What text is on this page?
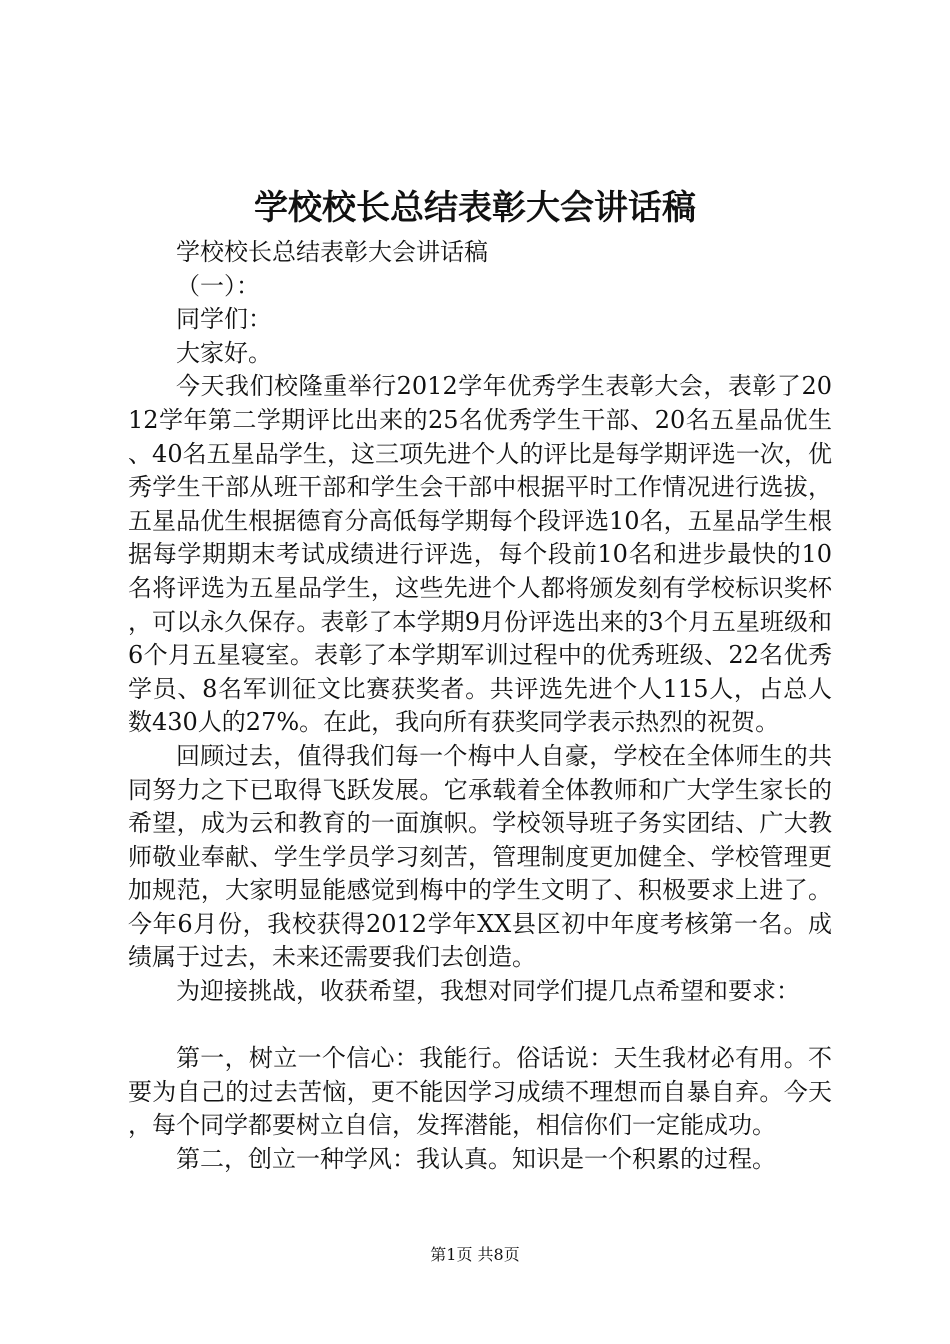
学校校长总结表彰大会讲话稿

学校校长总结表彰大会讲话稿

（一）：

同学们：

大家好。

今天我们校隆重举行2012学年优秀学生表彰大会，表彰了2012学年第二学期评比出来的25名优秀学生干部、20名五星品优生、40名五星品学生，这三项先进个人的评比是每学期评选一次，优秀学生干部从班干部和学生会干部中根据平时工作情况进行选拔，五星品优生根据德育分高低每学期每个段评选10名，五星品学生根据每学期期末考试成绩进行评选，每个段前10名和进步最快的10名将评选为五星品学生，这些先进个人都将颁发刻有学校标识奖杯，可以永久保存。表彰了本学期9月份评选出来的3个月五星班级和6个月五星寝室。表彰了本学期军训过程中的优秀班级、22名优秀学员、8名军训征文比赛获奖者。共评选先进个人115人，占总人数430人的27%。在此，我向所有获奖同学表示热烈的祝贺。

回顾过去，值得我们每一个梅中人自豪，学校在全体师生的共同努力之下已取得飞跃发展。它承载着全体教师和广大学生家长的希望，成为云和教育的一面旗帜。学校领导班子务实团结、广大教师敬业奉献、学生学员学习刻苦，管理制度更加健全、学校管理更加规范，大家明显能感觉到梅中的学生文明了、积极要求上进了。今年6月份，我校获得2012学年XX县区初中年度考核第一名。成绩属于过去，未来还需要我们去创造。

为迎接挑战，收获希望，我想对同学们提几点希望和要求：

第一，树立一个信心：我能行。俗话说：天生我材必有用。不要为自己的过去苦恼，更不能因学习成绩不理想而自暴自弃。今天，每个同学都要树立自信，发挥潜能，相信你们一定能成功。

第二，创立一种学风：我认真。知识是一个积累的过程。

第1页 共8页
